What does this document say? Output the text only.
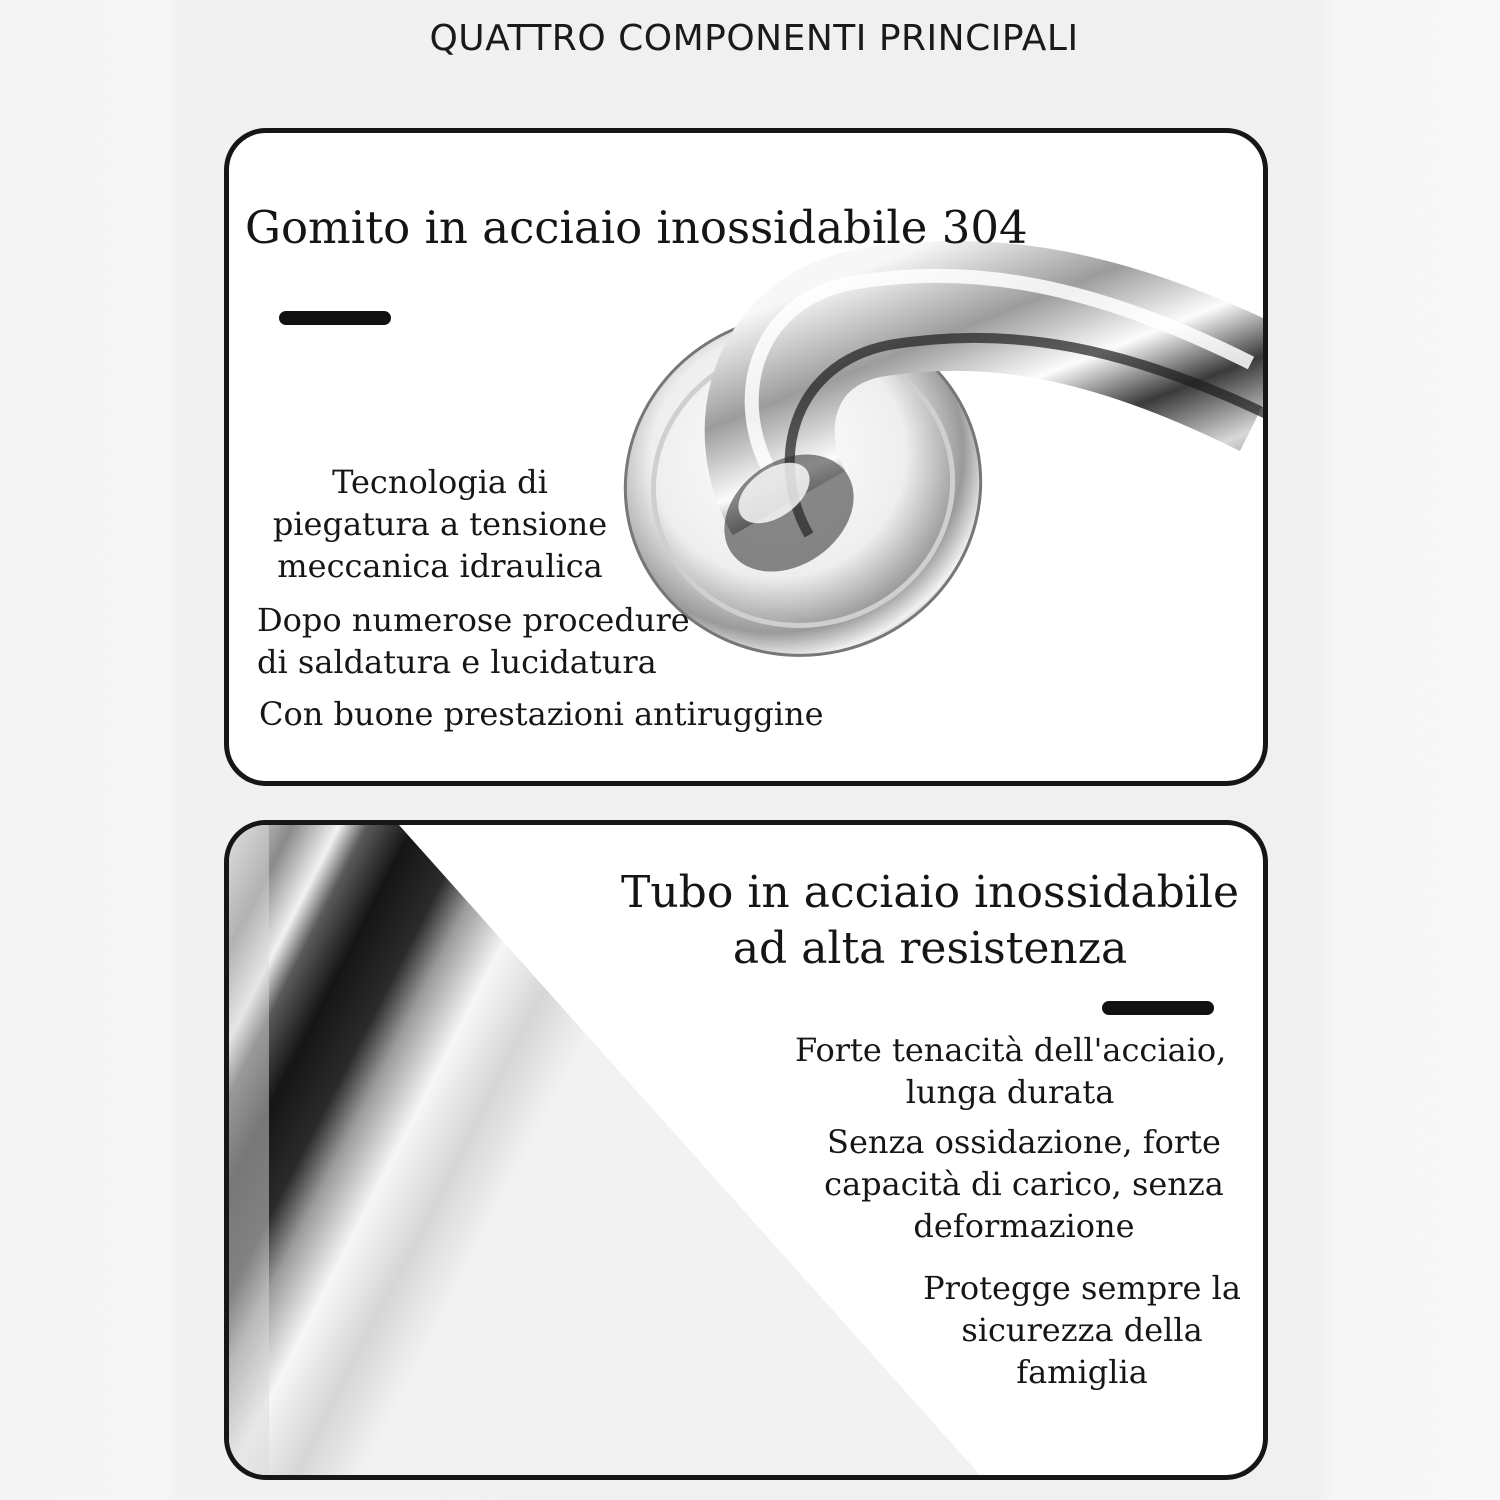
QUATTRO COMPONENTI PRINCIPALI
Gomito in acciaio inossidabile 304
Tecnologia di
piegatura a tensione
meccanica idraulica
Dopo numerose procedure
di saldatura e lucidatura
Con buone prestazioni antiruggine
Tubo in acciaio inossidabile
ad alta resistenza
Forte tenacità dell'acciaio,
lunga durata
Senza ossidazione, forte
capacità di carico, senza
deformazione
Protegge sempre la
sicurezza della
famiglia
